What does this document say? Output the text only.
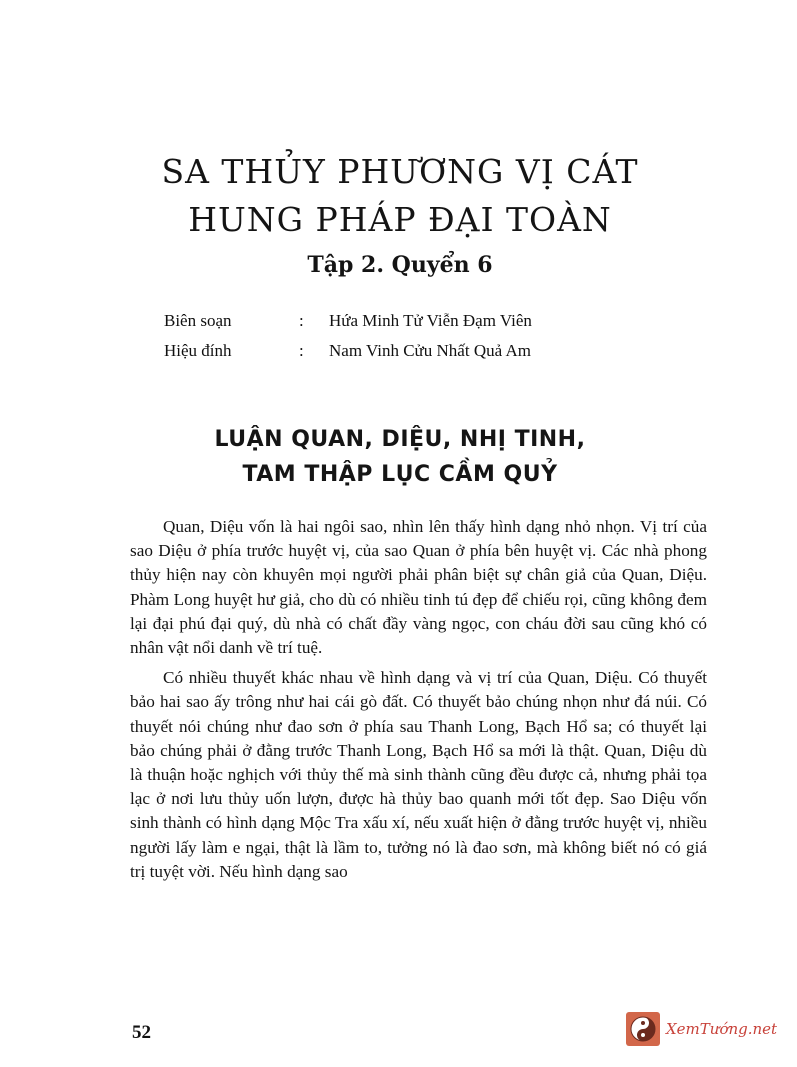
SA THỦY PHƯƠNG VỊ CÁT
HUNG PHÁP ĐẠI TOÀN
Tập 2. Quyển 6
Biên soạn	:	Hứa Minh Tử Viễn Đạm Viên
Hiệu đính	:	Nam Vinh Cửu Nhất Quả Am
LUẬN QUAN, DIỆU, NHỊ TINH,
TAM THẬP LỤC CẦM QUỶ

Quan, Diệu vốn là hai ngôi sao, nhìn lên thấy hình dạng nhỏ nhọn. Vị trí của sao Diệu ở phía trước huyệt vị, của sao Quan ở phía bên huyệt vị. Các nhà phong thủy hiện nay còn khuyên mọi người phải phân biệt sự chân giả của Quan, Diệu. Phàm Long huyệt hư giả, cho dù có nhiều tinh tú đẹp để chiếu rọi, cũng không đem lại đại phú đại quý, dù nhà có chất đầy vàng ngọc, con cháu đời sau cũng khó có nhân vật nổi danh về trí tuệ.

Có nhiều thuyết khác nhau về hình dạng và vị trí của Quan, Diệu. Có thuyết bảo hai sao ấy trông như hai cái gò đất. Có thuyết bảo chúng nhọn như đá núi. Có thuyết nói chúng như đao sơn ở phía sau Thanh Long, Bạch Hổ sa; có thuyết lại bảo chúng phải ở đằng trước Thanh Long, Bạch Hổ sa mới là thật. Quan, Diệu dù là thuận hoặc nghịch với thủy thế mà sinh thành cũng đều được cả, nhưng phải tọa lạc ở nơi lưu thủy uốn lượn, được hà thủy bao quanh mới tốt đẹp. Sao Diệu vốn sinh thành có hình dạng Mộc Tra xấu xí, nếu xuất hiện ở đằng trước huyệt vị, nhiều người lấy làm e ngại, thật là lầm to, tưởng nó là đao sơn, mà không biết nó có giá trị tuyệt vời. Nếu hình dạng sao

52	XemTướng.net
